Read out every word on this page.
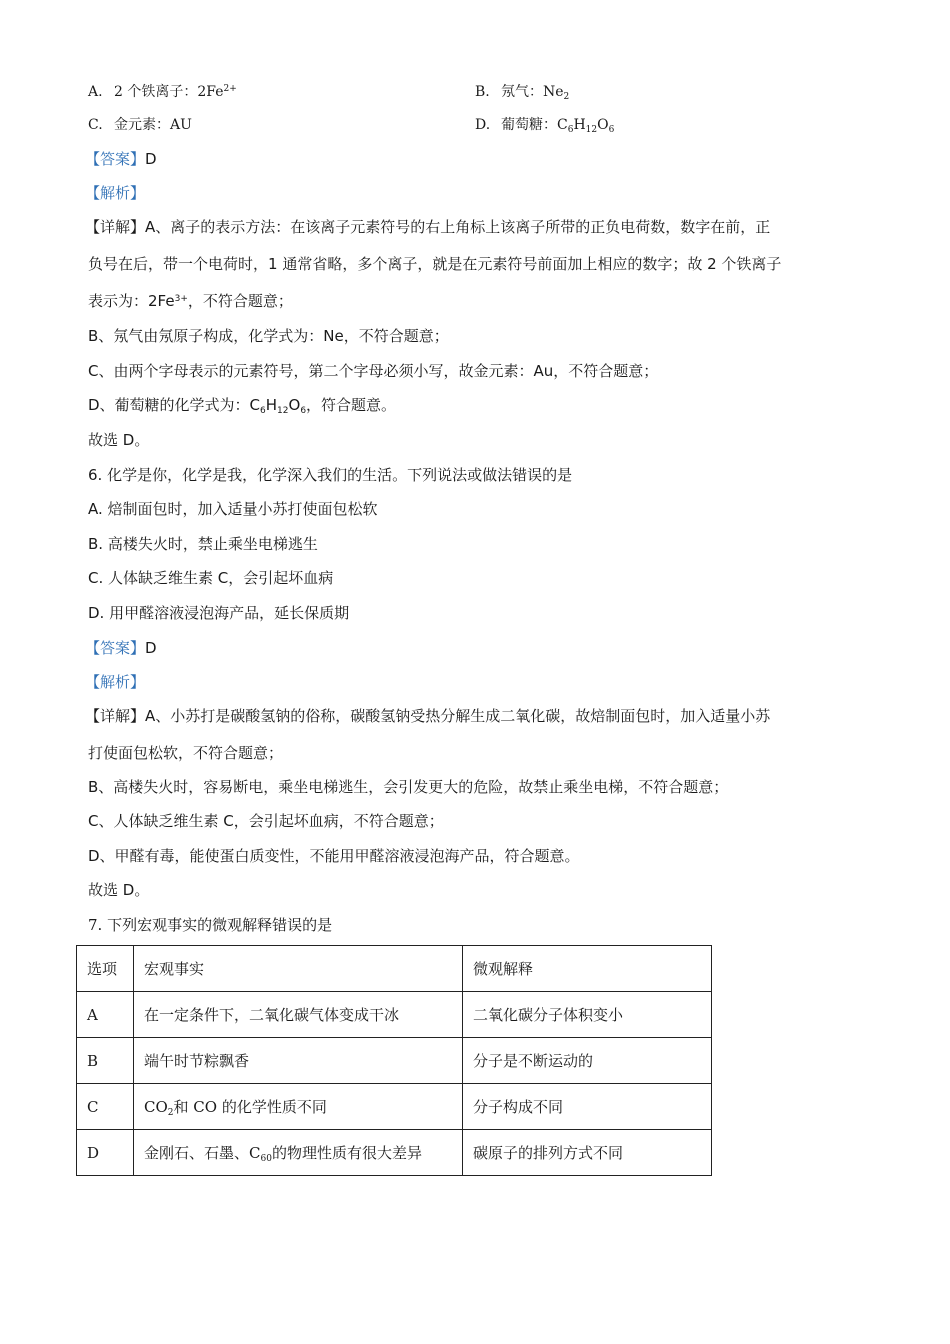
A. 2 个铁离子：$2Fe^{2+}$	B. 氖气：$Ne_2$
C. 金元素：AU	D. 葡萄糖：$C_6H_{12}O_6$
【答案】D
【解析】
【详解】A、离子的表示方法：在该离子元素符号的右上角标上该离子所带的正负电荷数，数字在前，正
负号在后，带一个电荷时，1 通常省略，多个离子，就是在元素符号前面加上相应的数字；故 2 个铁离子
表示为：$2Fe^{3+}$，不符合题意；
B、氖气由氖原子构成，化学式为：Ne，不符合题意；
C、由两个字母表示的元素符号，第二个字母必须小写，故金元素：Au，不符合题意；
D、葡萄糖的化学式为：$C_6H_{12}O_6$，符合题意。
故选 D。
6. 化学是你，化学是我，化学深入我们的生活。下列说法或做法错误的是
A. 焙制面包时，加入适量小苏打使面包松软
B. 高楼失火时，禁止乘坐电梯逃生
C. 人体缺乏维生素 C，会引起坏血病
D. 用甲醛溶液浸泡海产品，延长保质期
【答案】D
【解析】
【详解】A、小苏打是碳酸氢钠的俗称，碳酸氢钠受热分解生成二氧化碳，故焙制面包时，加入适量小苏
打使面包松软，不符合题意；
B、高楼失火时，容易断电，乘坐电梯逃生，会引发更大的危险，故禁止乘坐电梯，不符合题意；
C、人体缺乏维生素 C，会引起坏血病，不符合题意；
D、甲醛有毒，能使蛋白质变性，不能用甲醛溶液浸泡海产品，符合题意。
故选 D。
7. 下列宏观事实的微观解释错误的是
选项	宏观事实	微观解释
A	在一定条件下，二氧化碳气体变成干冰	二氧化碳分子体积变小
B	端午时节粽飘香	分子是不断运动的
C	$CO_2$和 CO 的化学性质不同	分子构成不同
D	金刚石、石墨、$C_{60}$的物理性质有很大差异	碳原子的排列方式不同
